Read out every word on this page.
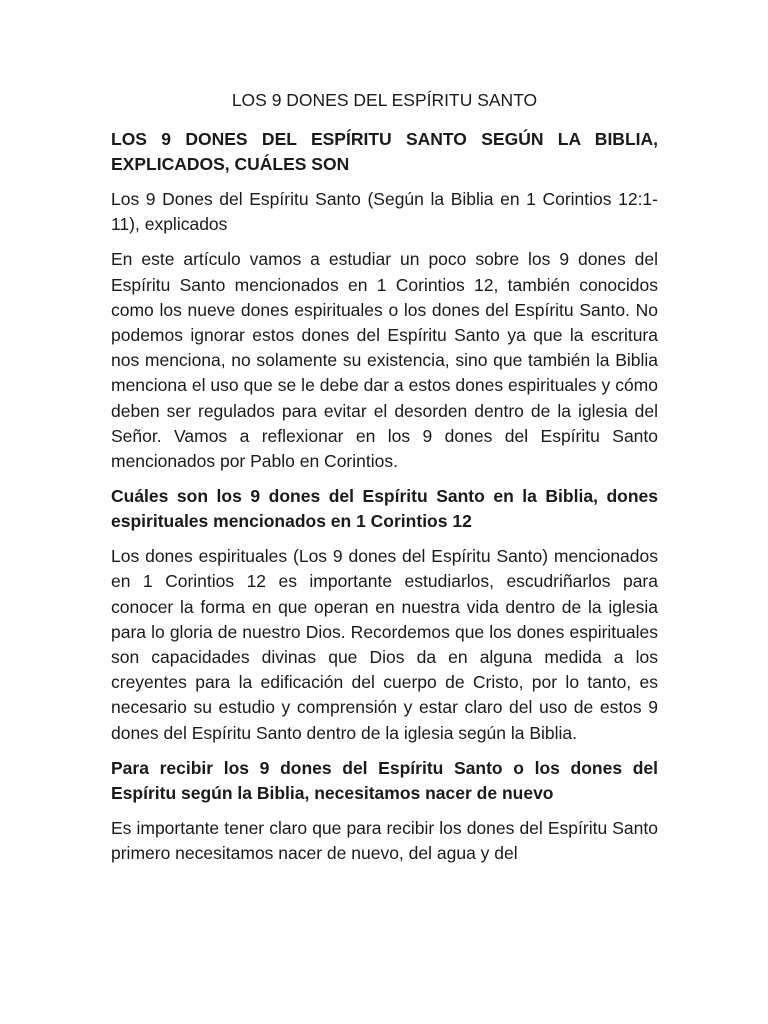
LOS 9 DONES DEL ESPÍRITU SANTO

LOS 9 DONES DEL ESPÍRITU SANTO SEGÚN LA BIBLIA, EXPLICADOS, CUÁLES SON

Los 9 Dones del Espíritu Santo (Según la Biblia en 1 Corintios 12:1-11), explicados

En este artículo vamos a estudiar un poco sobre los 9 dones del Espíritu Santo mencionados en 1 Corintios 12, también conocidos como los nueve dones espirituales o los dones del Espíritu Santo. No podemos ignorar estos dones del Espíritu Santo ya que la escritura nos menciona, no solamente su existencia, sino que también la Biblia menciona el uso que se le debe dar a estos dones espirituales y cómo deben ser regulados para evitar el desorden dentro de la iglesia del Señor. Vamos a reflexionar en los 9 dones del Espíritu Santo mencionados por Pablo en Corintios.

Cuáles son los 9 dones del Espíritu Santo en la Biblia, dones espirituales mencionados en 1 Corintios 12

Los dones espirituales (Los 9 dones del Espíritu Santo) mencionados en 1 Corintios 12 es importante estudiarlos, escudriñarlos para conocer la forma en que operan en nuestra vida dentro de la iglesia para lo gloria de nuestro Dios. Recordemos que los dones espirituales son capacidades divinas que Dios da en alguna medida a los creyentes para la edificación del cuerpo de Cristo, por lo tanto, es necesario su estudio y comprensión y estar claro del uso de estos 9 dones del Espíritu Santo dentro de la iglesia según la Biblia.

Para recibir los 9 dones del Espíritu Santo o los dones del Espíritu según la Biblia, necesitamos nacer de nuevo

Es importante tener claro que para recibir los dones del Espíritu Santo primero necesitamos nacer de nuevo, del agua y del
